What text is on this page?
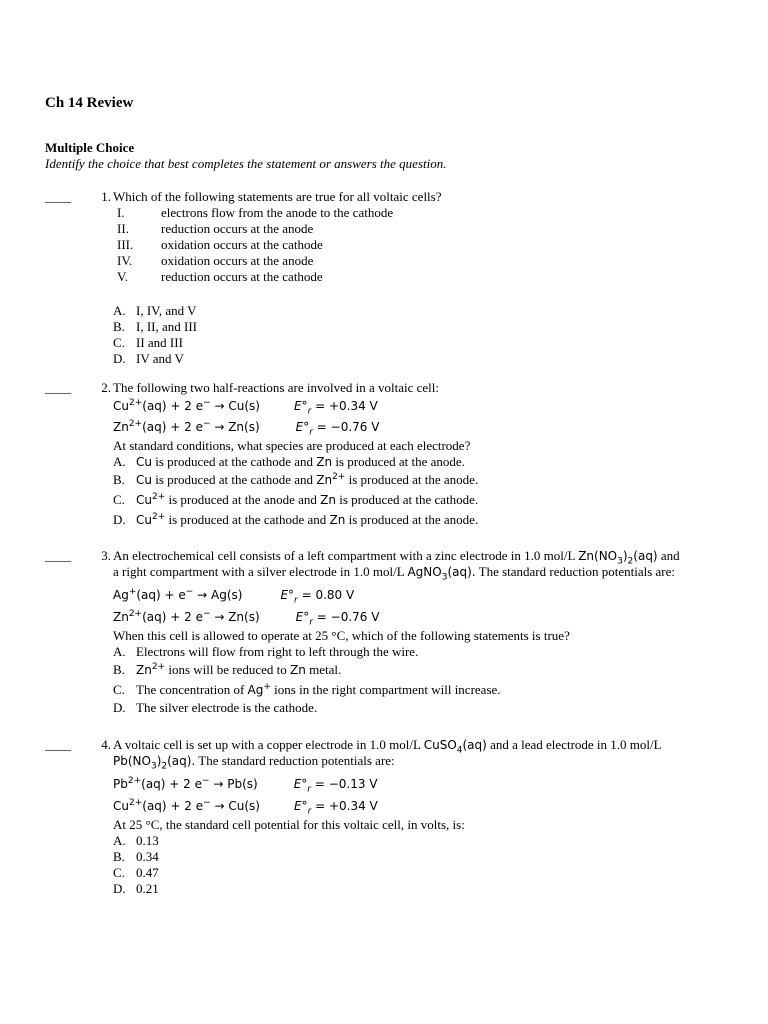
Ch 14 Review
Multiple Choice
Identify the choice that best completes the statement or answers the question.
____	1. Which of the following statements are true for all voltaic cells?
I.	electrons flow from the anode to the cathode
II. reduction occurs at the anode
III. oxidation occurs at the cathode
IV. oxidation occurs at the anode
V.	reduction occurs at the cathode
A. I, IV, and V
B. I, II, and III
C. II and III
D. IV and V
____	2. The following two half-reactions are involved in a voltaic cell:
$Cu^{2+}(aq) + 2$ e− → Cu(s)	$E^\circ_r = +0.34$ V
$Zn^{2+}(aq) + 2$ e− → Zn(s)	$E^\circ_r = -0.76$ V
At standard conditions, what species are produced at each electrode?
A. Cu is produced at the cathode and Zn is produced at the anode.
B. Cu is produced at the cathode and $Zn^{2+}$ is produced at the anode.
C. $Cu^{2+}$ is produced at the anode and Zn is produced at the cathode.
D. $Cu^{2+}$ is produced at the cathode and Zn is produced at the anode.
____	3. An electrochemical cell consists of a left compartment with a zinc electrode in 1.0 mol/L $Zn(NO_3)_2(aq)$ and
a right compartment with a silver electrode in 1.0 mol/L AgNO$_3$(aq). The standard reduction potentials are:
Ag+(aq) + e− → Ag(s)	$E^\circ_r = 0.80$ V
$Zn^{2+}(aq) + 2$ e− → Zn(s)	$E^\circ_r = -0.76$ V
When this cell is allowed to operate at 25 °C, which of the following statements is true?
A. Electrons will flow from right to left through the wire.
B. $Zn^{2+}$ ions will be reduced to Zn metal.
C. The concentration of Ag+ ions in the right compartment will increase.
D. The silver electrode is the cathode.
____	4. A voltaic cell is set up with a copper electrode in 1.0 mol/L CuSO$_4$(aq) and a lead electrode in 1.0 mol/L
$Pb(NO_3)_2(aq)$. The standard reduction potentials are:
$Pb^{2+}(aq) + 2$ e− → Pb(s)	$E^\circ_r = -0.13$ V
$Cu^{2+}(aq) + 2$ e− → Cu(s)	$E^\circ_r = +0.34$ V
At 25 °C, the standard cell potential for this voltaic cell, in volts, is:
A. 0.13
B. 0.34
C. 0.47
D. 0.21
